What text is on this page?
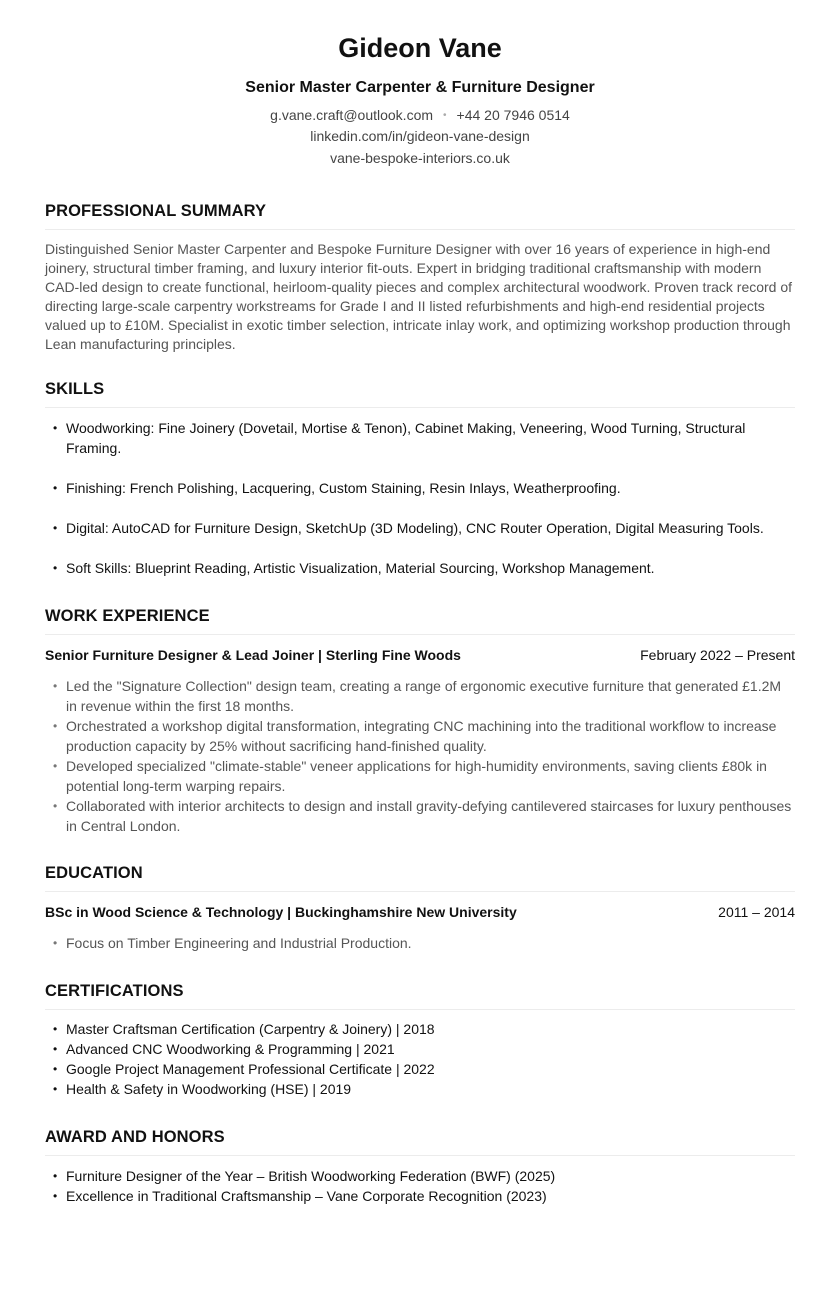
Gideon Vane
Senior Master Carpenter & Furniture Designer
g.vane.craft@outlook.com • +44 20 7946 0514
linkedin.com/in/gideon-vane-design
vane-bespoke-interiors.co.uk
PROFESSIONAL SUMMARY
Distinguished Senior Master Carpenter and Bespoke Furniture Designer with over 16 years of experience in high-end joinery, structural timber framing, and luxury interior fit-outs. Expert in bridging traditional craftsmanship with modern CAD-led design to create functional, heirloom-quality pieces and complex architectural woodwork. Proven track record of directing large-scale carpentry workstreams for Grade I and II listed refurbishments and high-end residential projects valued up to £10M. Specialist in exotic timber selection, intricate inlay work, and optimizing workshop production through Lean manufacturing principles.
SKILLS
• Woodworking: Fine Joinery (Dovetail, Mortise & Tenon), Cabinet Making, Veneering, Wood Turning, Structural Framing.
• Finishing: French Polishing, Lacquering, Custom Staining, Resin Inlays, Weatherproofing.
• Digital: AutoCAD for Furniture Design, SketchUp (3D Modeling), CNC Router Operation, Digital Measuring Tools.
• Soft Skills: Blueprint Reading, Artistic Visualization, Material Sourcing, Workshop Management.
WORK EXPERIENCE
Senior Furniture Designer & Lead Joiner | Sterling Fine Woods	February 2022 – Present
• Led the "Signature Collection" design team, creating a range of ergonomic executive furniture that generated £1.2M in revenue within the first 18 months.
• Orchestrated a workshop digital transformation, integrating CNC machining into the traditional workflow to increase production capacity by 25% without sacrificing hand-finished quality.
• Developed specialized "climate-stable" veneer applications for high-humidity environments, saving clients £80k in potential long-term warping repairs.
• Collaborated with interior architects to design and install gravity-defying cantilevered staircases for luxury penthouses in Central London.
EDUCATION
BSc in Wood Science & Technology | Buckinghamshire New University	2011 – 2014
• Focus on Timber Engineering and Industrial Production.
CERTIFICATIONS
• Master Craftsman Certification (Carpentry & Joinery) | 2018
• Advanced CNC Woodworking & Programming | 2021
• Google Project Management Professional Certificate | 2022
• Health & Safety in Woodworking (HSE) | 2019
AWARD AND HONORS
• Furniture Designer of the Year – British Woodworking Federation (BWF) (2025)
• Excellence in Traditional Craftsmanship – Vane Corporate Recognition (2023)
